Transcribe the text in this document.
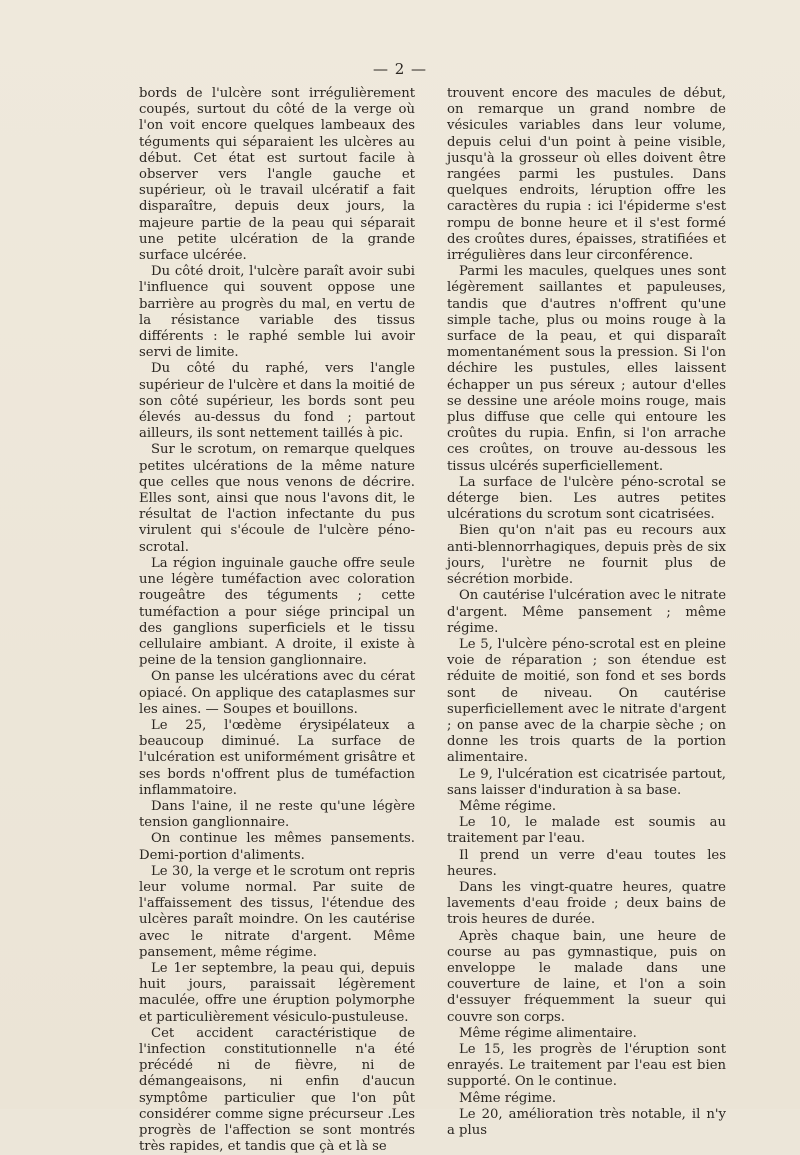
— 2 —

bords de l'ulcère sont irrégulièrement coupés, surtout du côté de la verge où l'on voit encore quelques lambeaux des téguments qui séparaient les ulcères au début. Cet état est surtout facile à observer vers l'angle gauche et supérieur, où le travail ulcératif a fait disparaître, depuis deux jours, la majeure partie de la peau qui séparait une petite ulcération de la grande surface ulcérée.

Du côté droit, l'ulcère paraît avoir subi l'influence qui souvent oppose une barrière au progrès du mal, en vertu de la résistance variable des tissus différents : le raphé semble lui avoir servi de limite.

Du côté du raphé, vers l'angle supérieur de l'ulcère et dans la moitié de son côté supérieur, les bords sont peu élevés au-dessus du fond ; partout ailleurs, ils sont nettement taillés à pic.

Sur le scrotum, on remarque quelques petites ulcérations de la même nature que celles que nous venons de décrire. Elles sont, ainsi que nous l'avons dit, le résultat de l'action infectante du pus virulent qui s'écoule de l'ulcère péno-scrotal.

La région inguinale gauche offre seule une légère tuméfaction avec coloration rougeâtre des téguments ; cette tuméfaction a pour siége principal un des ganglions superficiels et le tissu cellulaire ambiant. A droite, il existe à peine de la tension ganglionnaire.

On panse les ulcérations avec du cérat opiacé. On applique des cataplasmes sur les aines. — Soupes et bouillons.

Le 25, l'œdème érysipélateux a beaucoup diminué. La surface de l'ulcération est uniformément grisâtre et ses bords n'offrent plus de tuméfaction inflammatoire.

Dans l'aine, il ne reste qu'une légère tension ganglionnaire.

On continue les mêmes pansements. Demi-portion d'aliments.

Le 30, la verge et le scrotum ont repris leur volume normal. Par suite de l'affaissement des tissus, l'étendue des ulcères paraît moindre. On les cautérise avec le nitrate d'argent. Même pansement, même régime.

Le 1er septembre, la peau qui, depuis huit jours, paraissait légèrement maculée, offre une éruption polymorphe et particulièrement vésiculo-pustuleuse.

Cet accident caractéristique de l'infection constitutionnelle n'a été précédé ni de fièvre, ni de démangeaisons, ni enfin d'aucun symptôme particulier que l'on pût considérer comme signe précurseur .Les progrès de l'affection se sont montrés très rapides, et tandis que çà et là se

trouvent encore des macules de début, on remarque un grand nombre de vésicules variables dans leur volume, depuis celui d'un point à peine visible, jusqu'à la grosseur où elles doivent être rangées parmi les pustules. Dans quelques endroits, léruption offre les caractères du rupia : ici l'épiderme s'est rompu de bonne heure et il s'est formé des croûtes dures, épaisses, stratifiées et irrégulières dans leur circonférence.

Parmi les macules, quelques unes sont légèrement saillantes et papuleuses, tandis que d'autres n'offrent qu'une simple tache, plus ou moins rouge à la surface de la peau, et qui disparaît momentanément sous la pression. Si l'on déchire les pustules, elles laissent échapper un pus séreux ; autour d'elles se dessine une aréole moins rouge, mais plus diffuse que celle qui entoure les croûtes du rupia. Enfin, si l'on arrache ces croûtes, on trouve au-dessous les tissus ulcérés superficiellement.

La surface de l'ulcère péno-scrotal se déterge bien. Les autres petites ulcérations du scrotum sont cicatrisées.

Bien qu'on n'ait pas eu recours aux anti-blennorrhagiques, depuis près de six jours, l'urètre ne fournit plus de sécrétion morbide.

On cautérise l'ulcération avec le nitrate d'argent. Même pansement ; même régime.

Le 5, l'ulcère péno-scrotal est en pleine voie de réparation ; son étendue est réduite de moitié, son fond et ses bords sont de niveau. On cautérise superficiellement avec le nitrate d'argent ; on panse avec de la charpie sèche ; on donne les trois quarts de la portion alimentaire.

Le 9, l'ulcération est cicatrisée partout, sans laisser d'induration à sa base.

Même régime.

Le 10, le malade est soumis au traitement par l'eau.

Il prend un verre d'eau toutes les heures.

Dans les vingt-quatre heures, quatre lavements d'eau froide ; deux bains de trois heures de durée.

Après chaque bain, une heure de course au pas gymnastique, puis on enveloppe le malade dans une couverture de laine, et l'on a soin d'essuyer fréquemment la sueur qui couvre son corps.

Même régime alimentaire.

Le 15, les progrès de l'éruption sont enrayés. Le traitement par l'eau est bien supporté. On le continue.

Même régime.

Le 20, amélioration très notable, il n'y a plus
